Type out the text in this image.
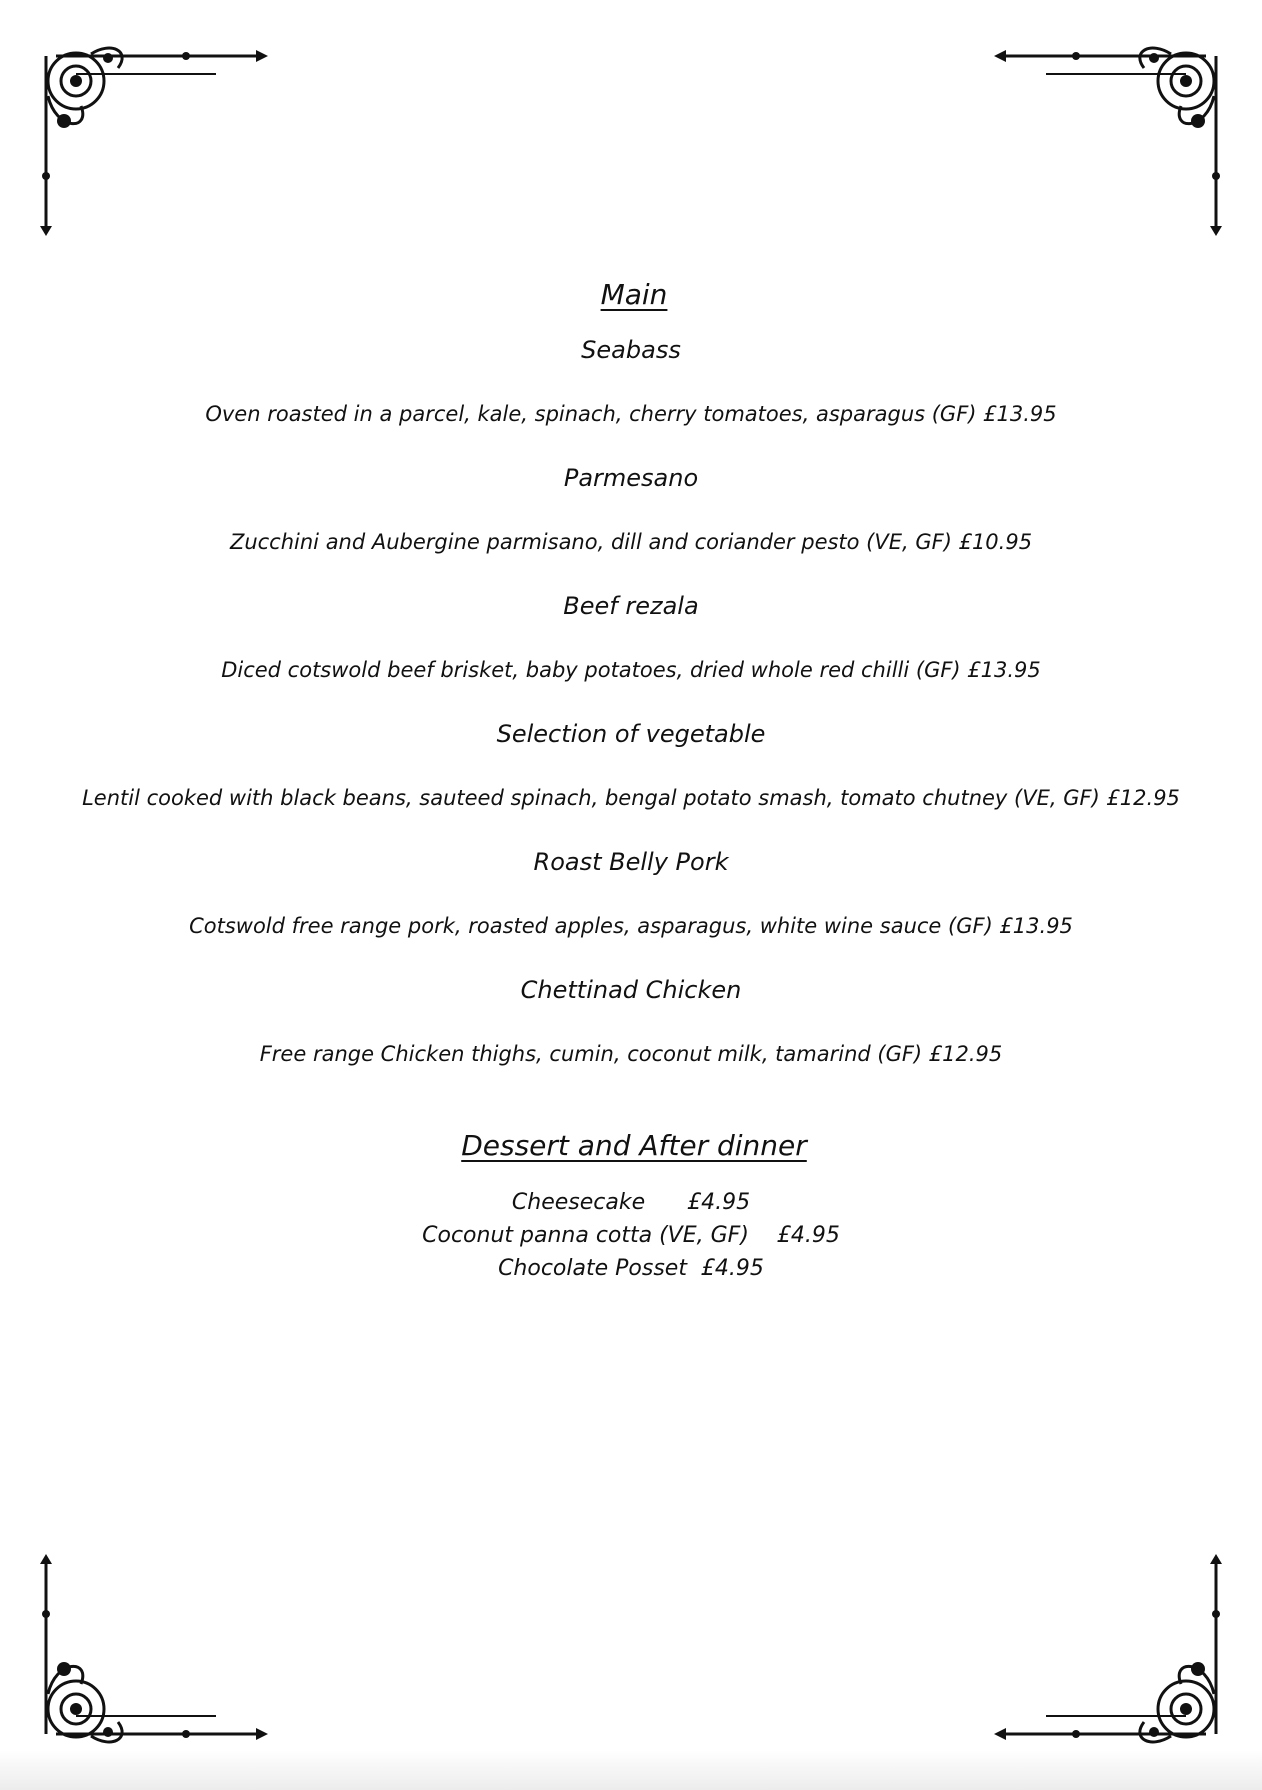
Main
Seabass
Oven roasted in a parcel, kale, spinach, cherry tomatoes, asparagus (GF) £13.95
Parmesano
Zucchini and Aubergine parmisano, dill and coriander pesto (VE, GF) £10.95
Beef rezala
Diced cotswold beef brisket, baby potatoes, dried whole red chilli (GF) £13.95
Selection of vegetable
Lentil cooked with black beans, sauteed spinach, bengal potato smash, tomato chutney (VE, GF) £12.95
Roast Belly Pork
Cotswold free range pork, roasted apples, asparagus, white wine sauce (GF) £13.95
Chettinad Chicken
Free range Chicken thighs, cumin, coconut milk, tamarind (GF) £12.95
Dessert and After dinner
Cheesecake      £4.95
Coconut panna cotta (VE, GF)    £4.95
Chocolate Posset  £4.95
